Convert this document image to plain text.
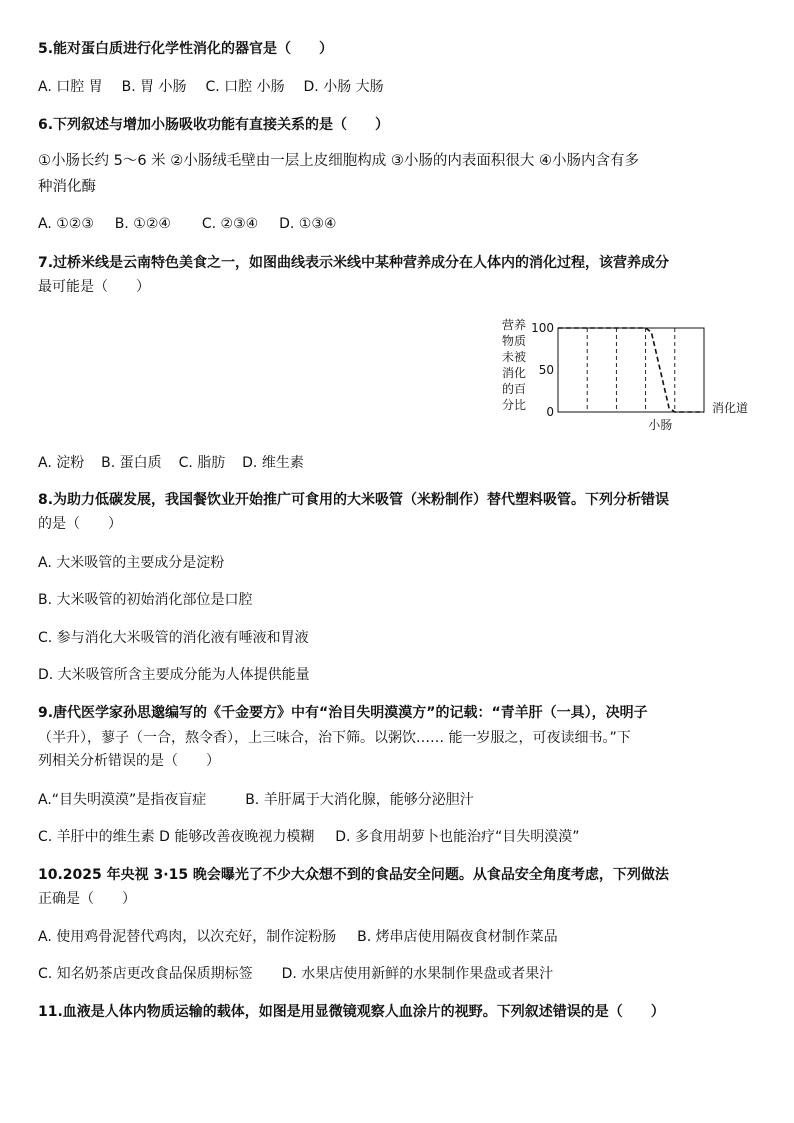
5.能对蛋白质进行化学性消化的器官是（　　）
A. 口腔 胃 B. 胃 小肠 C. 口腔 小肠 D. 小肠 大肠
6.下列叙述与增加小肠吸收功能有直接关系的是（　　）
①小肠长约 5～6 米 ②小肠绒毛壁由一层上皮细胞构成 ③小肠的内表面积很大 ④小肠内含有多
种消化酶
A. ①②③ B. ①②④ C. ②③④ D. ①③④
7.过桥米线是云南特色美食之一，如图曲线表示米线中某种营养成分在人体内的消化过程，该营养成分
最可能是（　　）
营养
物质
未被
消化
的百
分比
100
50
0	消化道
小肠
A. 淀粉 B. 蛋白质 C. 脂肪 D. 维生素
8.为助力低碳发展，我国餐饮业开始推广可食用的大米吸管（米粉制作）替代塑料吸管。下列分析错误
的是（　　）
A. 大米吸管的主要成分是淀粉
B. 大米吸管的初始消化部位是口腔
C. 参与消化大米吸管的消化液有唾液和胃液
D. 大米吸管所含主要成分能为人体提供能量
9.唐代医学家孙思邈编写的《千金要方》中有“治目失明漠漠方”的记载：“青羊肝（一具），决明子
（半升），蓼子（一合，熬令香），上三味合，治下筛。以粥饮…… 能一岁服之，可夜读细书。”下
列相关分析错误的是（　　）
A.“目失明漠漠”是指夜盲症	B. 羊肝属于大消化腺，能够分泌胆汁
C. 羊肝中的维生素 D 能够改善夜晚视力模糊 D. 多食用胡萝卜也能治疗“目失明漠漠”
10.2025 年央视 3·15 晚会曝光了不少大众想不到的食品安全问题。从食品安全角度考虑，下列做法
正确是（　　）
A. 使用鸡骨泥替代鸡肉，以次充好，制作淀粉肠 B. 烤串店使用隔夜食材制作菜品
C. 知名奶茶店更改食品保质期标签 D. 水果店使用新鲜的水果制作果盘或者果汁
11.血液是人体内物质运输的载体，如图是用显微镜观察人血涂片的视野。下列叙述错误的是（　　）
